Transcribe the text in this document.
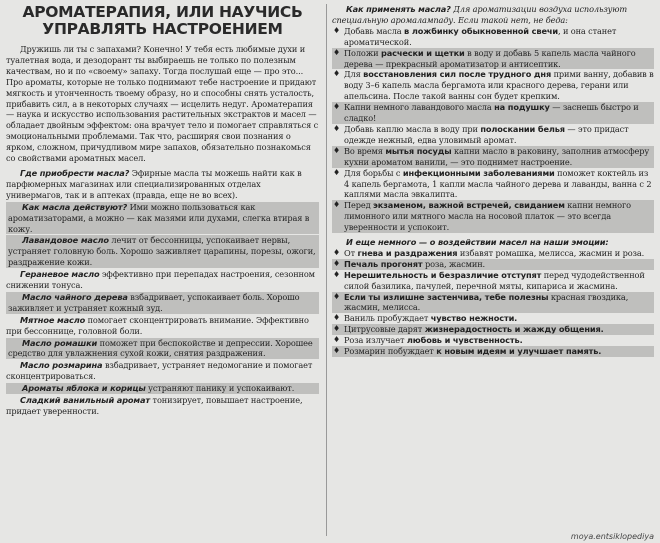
АРОМАТЕРАПИЯ, ИЛИ НАУЧИСЬ УПРАВЛЯТЬ НАСТРОЕНИЕМ

Дружишь ли ты с запахами? Конечно! У тебя есть любимые духи и туалетная вода, и дезодорант ты выбираешь не только по полезным качествам, но и по «своему» запаху. Тогда послушай еще — про это... Про ароматы, которые не только поднимают тебе настроение и придают мягкость и утонченность твоему образу, но и способны снять усталость, прибавить сил, а в некоторых случаях — исцелить недуг. Ароматерапия — наука и искусство использования растительных экстрактов и масел — обладает двойным эффектом: она врачует тело и помогает справляться с эмоциональными проблемами. Так что, расширяя свои познания о ярком, сложном, причудливом мире запахов, обязательно познакомься со свойствами ароматных масел.

Где приобрести масла? Эфирные масла ты можешь найти как в парфюмерных магазинах или специализированных отделах универмагов, так и в аптеках (правда, еще не во всех).

Как масла действуют? Ими можно пользоваться как ароматизаторами, а можно — как мазями или духами, слегка втирая в кожу.

Лавандовое масло лечит от бессонницы, успокаивает нервы, устраняет головную боль. Хорошо заживляет царапины, порезы, ожоги, раздражение кожи.

Гераневое масло эффективно при перепадах настроения, сезонном снижении тонуса.

Масло чайного дерева взбадривает, успокаивает боль. Хорошо заживляет и устраняет кожный зуд.

Мятное масло помогает сконцентрировать внимание. Эффективно при бессоннице, головной боли.

Масло ромашки поможет при беспокойстве и депрессии. Хорошее средство для увлажнения сухой кожи, снятия раздражения.

Масло розмарина взбадривает, устраняет недомогание и помогает сконцентрироваться.

Ароматы яблока и корицы устраняют панику и успокаивают.

Сладкий ванильный аромат тонизирует, повышает настроение, придает уверенности.

Как применять масла? Для ароматизации воздуха используют специальную аромалампаду. Если такой нет, не беда:

♦ Добавь масла в ложбинку обыкновенной свечи, и она станет ароматической.

♦ Положи расчески и щетки в воду и добавь 5 капель масла чайного дерева — прекрасный ароматизатор и антисептик.

♦ Для восстановления сил после трудного дня прими ванну, добавив в воду 3–6 капель масла бергамота или красного дерева, герани или апельсина. После такой ванны сон будет крепким.

♦ Капни немного лавандового масла на подушку — заснешь быстро и сладко!

♦ Добавь каплю масла в воду при полоскании белья — это придаст одежде нежный, едва уловимый аромат.

♦ Во время мытья посуды капни масло в раковину, заполнив атмосферу кухни ароматом ванили, — это поднимет настроение.

♦ Для борьбы с инфекционными заболеваниями поможет коктейль из 4 капель бергамота, 1 капли масла чайного дерева и лаванды, ванна с 2 каплями масла эвкалипта.

♦ Перед экзаменом, важной встречей, свиданием капни немного лимонного или мятного масла на носовой платок — это всегда уверенности и успокоит.

И еще немного — о воздействии масел на наши эмоции:

♦ От гнева и раздражения избавят ромашка, мелисса, жасмин и роза.

♦ Печаль прогонят роза, жасмин.

♦ Нерешительность и безразличие отступят перед чудодейственной силой базилика, пачулей, перечной мяты, кипариса и жасмина.

♦ Если ты излишне застенчива, тебе полезны красная гвоздика, жасмин, мелисса.

♦ Ваниль пробуждает чувство нежности.

♦ Цитрусовые дарят жизнерадостность и жажду общения.

♦ Роза излучает любовь и чувственность.

♦ Розмарин побуждает к новым идеям и улучшает память.

moya.entsiklopediya
